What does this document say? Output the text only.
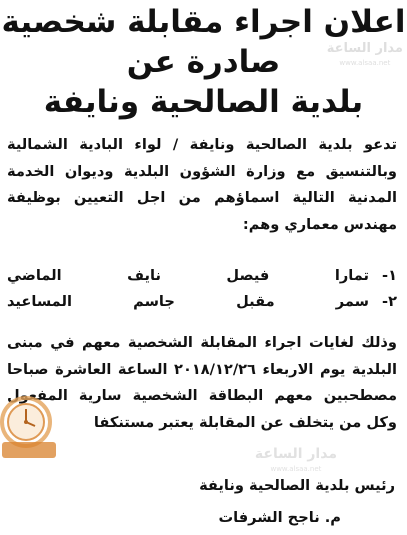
اعلان اجراء مقابلة شخصية
صادرة عن
بلدية الصالحية ونايفة

تدعو بلدية الصالحية ونايفة / لواء البادية الشمالية وبالتنسيق مع وزارة الشؤون البلدية وديوان الخدمة المدنية التالية اسماؤهم من اجل التعيين بوظيفة مهندس معماري وهم:

١-
تمارا فيصل نايف الماضي
٢-
سمر مقبل جاسم المساعيد

وذلك لغايات اجراء المقابلة الشخصية معهم في مبنى البلدية يوم الاربعاء ٢٠١٨/١٢/٢٦ الساعة العاشرة صباحا مصطحبين معهم البطاقة الشخصية سارية المفعول وكل من يتخلف عن المقابلة يعتبر مستنكفا

رئيس بلدية الصالحية ونايفة
م. ناجح الشرفات
مدار الساعة
www.alsaa.net
مدار الساعة
www.alsaa.net
